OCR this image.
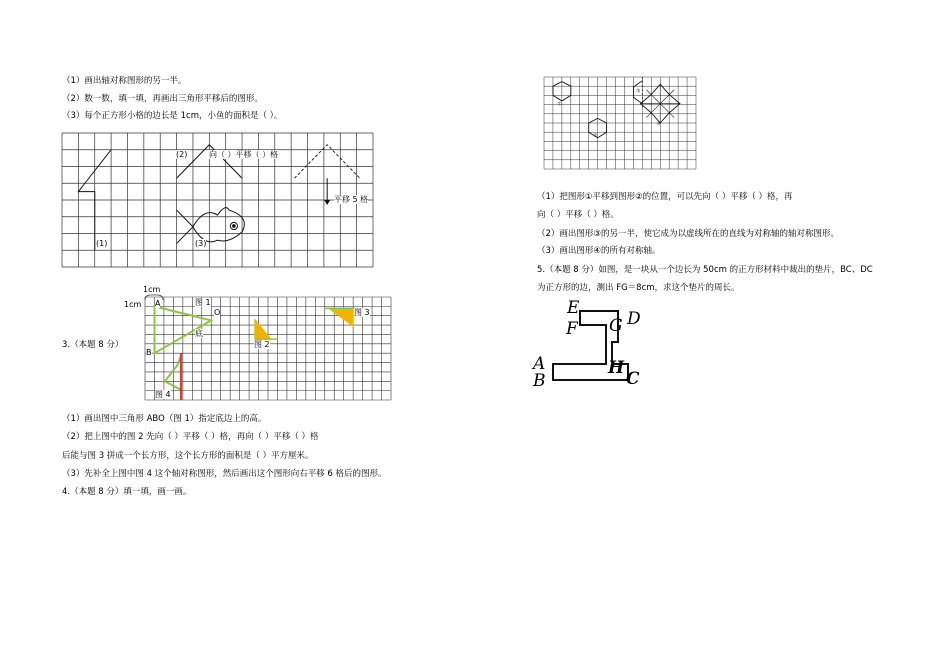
（1）画出轴对称图形的另一半。
（2）数一数，填一填，再画出三角形平移后的图形。
（3）每个正方形小格的边长是 1cm，小鱼的面积是（ ）。
(2)	向（ ）平移（ ）格
平移 5 格
(1)	(3)
3.（本题 8 分）
1cm
1cm A
O
B
底
图 1
图 2
图 3
图 4
（1）画出图中三角形 ABO（图 1）指定底边上的高。
（2）把上图中的图 2 先向（ ）平移（ ）格，再向（ ）平移（ ）格
后能与图 3 拼成一个长方形，这个长方形的面积是（ ）平方厘米。
（3）先补全上图中图 4 这个轴对称图形，然后画出这个图形向右平移 6 格后的图形。
4.（本题 8 分）填一填，画一画。
①
②
③
④
（1）把图形①平移到图形②的位置，可以先向（ ）平移（ ）格，再
向（ ）平移（ ）格。
（2）画出图形③的另一半，使它成为以虚线所在的直线为对称轴的轴对称图形。
（3）画出图形④的所有对称轴。
5.（本题 8 分）如图，是一块从一个边长为 50cm 的正方形材料中裁出的垫片，BC、DC
为正方形的边，测出 FG＝8cm，求这个垫片的周长。
E
F G D
A
B
H
C
